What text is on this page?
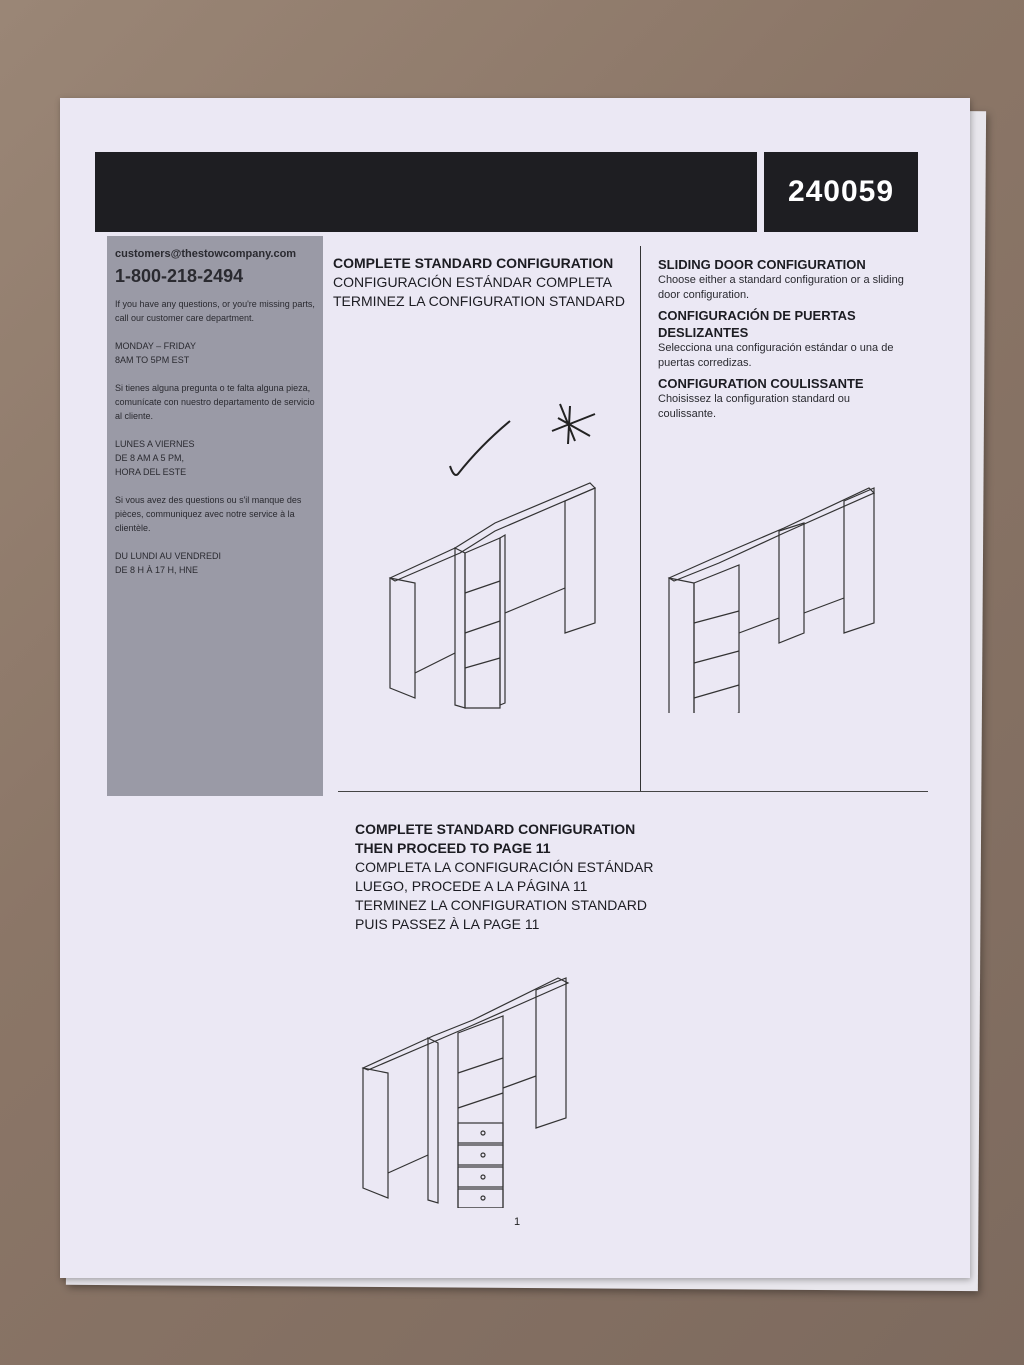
240059
customers@thestowcompany.com
1-800-218-2494
If you have any questions, or you're missing parts, call our customer care department.
MONDAY – FRIDAY
8AM TO 5PM EST
Si tienes alguna pregunta o te falta alguna pieza, comunícate con nuestro departamento de servicio al cliente.
LUNES A VIERNES
DE 8 AM A 5 PM,
HORA DEL ESTE
Si vous avez des questions ou s'il manque des pièces, communiquez avec notre service à la clientèle.
DU LUNDI AU VENDREDI
DE 8 H À 17 H, HNE
COMPLETE STANDARD CONFIGURATION
CONFIGURACIÓN ESTÁNDAR COMPLETA
TERMINEZ LA CONFIGURATION STANDARD
SLIDING DOOR CONFIGURATION
Choose either a standard configuration or a sliding door configuration.
CONFIGURACIÓN DE PUERTAS DESLIZANTES
Selecciona una configuración estándar o una de puertas corredizas.
CONFIGURATION COULISSANTE
Choisissez la configuration standard ou coulissante.
COMPLETE STANDARD CONFIGURATION
THEN PROCEED TO PAGE 11
COMPLETA LA CONFIGURACIÓN ESTÁNDAR
LUEGO, PROCEDE A LA PÁGINA 11
TERMINEZ LA CONFIGURATION STANDARD
PUIS PASSEZ À LA PAGE 11
1
